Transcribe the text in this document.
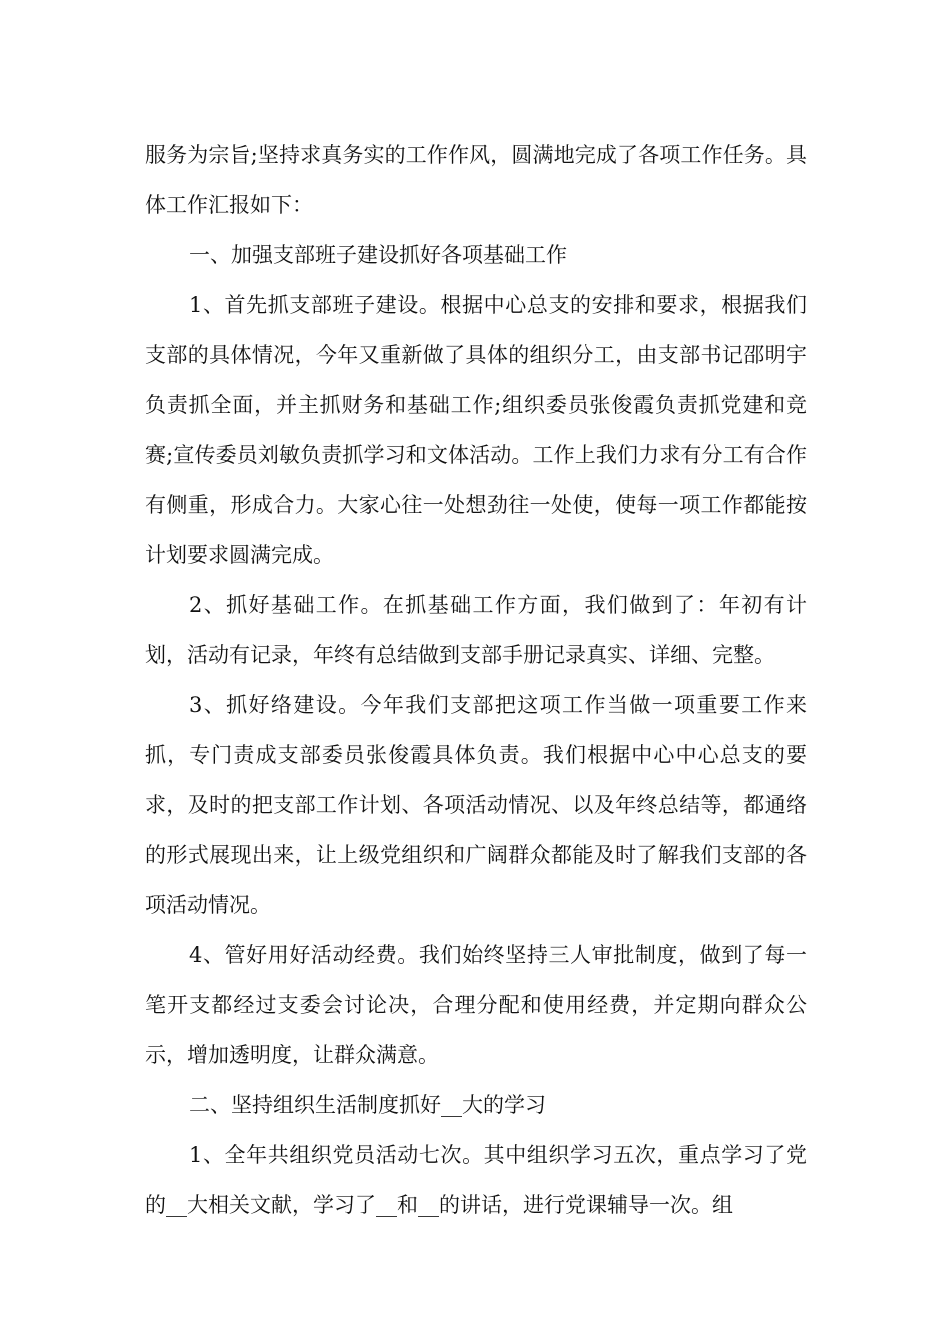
服务为宗旨;坚持求真务实的工作作风，圆满地完成了各项工作任务。具体工作汇报如下：

一、加强支部班子建设抓好各项基础工作

1、首先抓支部班子建设。根据中心总支的安排和要求，根据我们支部的具体情况，今年又重新做了具体的组织分工，由支部书记邵明宇负责抓全面，并主抓财务和基础工作;组织委员张俊霞负责抓党建和竞赛;宣传委员刘敏负责抓学习和文体活动。工作上我们力求有分工有合作有侧重，形成合力。大家心往一处想劲往一处使，使每一项工作都能按计划要求圆满完成。

2、抓好基础工作。在抓基础工作方面，我们做到了：年初有计划，活动有记录，年终有总结做到支部手册记录真实、详细、完整。

3、抓好络建设。今年我们支部把这项工作当做一项重要工作来抓，专门责成支部委员张俊霞具体负责。我们根据中心中心总支的要求，及时的把支部工作计划、各项活动情况、以及年终总结等，都通络的形式展现出来，让上级党组织和广阔群众都能及时了解我们支部的各项活动情况。

4、管好用好活动经费。我们始终坚持三人审批制度，做到了每一笔开支都经过支委会讨论决，合理分配和使用经费，并定期向群众公示，增加透明度，让群众满意。

二、坚持组织生活制度抓好__大的学习

1、全年共组织党员活动七次。其中组织学习五次，重点学习了党的__大相关文献，学习了__和__的讲话，进行党课辅导一次。组
